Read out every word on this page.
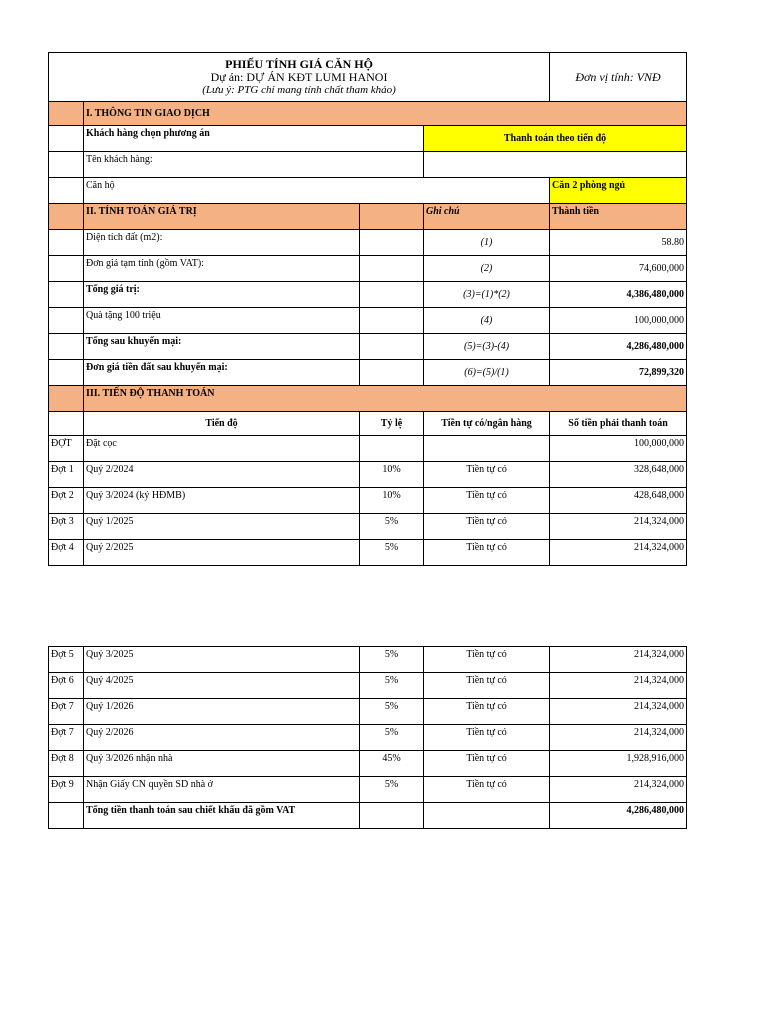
PHIẾU TÍNH GIÁ CĂN HỘ
Dự án: DỰ ÁN KĐT LUMI HANOI
(Lưu ý: PTG chỉ mang tính chất tham khảo)				Đơn vị tính: VNĐ
	I. THÔNG TIN GIAO DỊCH			
	Khách hàng chọn phương án		Thanh toán theo tiến độ	
	Tên khách hàng:			
	Căn hộ			Căn 2 phòng ngủ
	II. TÍNH TOÁN GIÁ TRỊ		Ghi chú	Thành tiền
	Diện tích đất (m2):		(1)	58.80
	Đơn giá tạm tính (gồm VAT):		(2)	74,600,000
	Tổng giá trị:		(3)=(1)*(2)	4,386,480,000
	Quà tặng 100 triệu		(4)	100,000,000
	Tổng sau khuyến mại:		(5)=(3)-(4)	4,286,480,000
	Đơn giá tiền đất sau khuyến mại:		(6)=(5)/(1)	72,899,320
	III. TIẾN ĐỘ THANH TOÁN			
	Tiến độ	Tỷ lệ	Tiền tự có/ngân hàng	Số tiền phải thanh toán
ĐỢT	Đặt cọc			100,000,000
Đợt 1	Quý 2/2024	10%	Tiền tự có	328,648,000
Đợt 2	Quý 3/2024 (ký HĐMB)	10%	Tiền tự có	428,648,000
Đợt 3	Quý 1/2025	5%	Tiền tự có	214,324,000
Đợt 4	Quý 2/2025	5%	Tiền tự có	214,324,000
Đợt 5	Quý 3/2025	5%	Tiền tự có	214,324,000
Đợt 6	Quý 4/2025	5%	Tiền tự có	214,324,000
Đợt 7	Quý 1/2026	5%	Tiền tự có	214,324,000
Đợt 7	Quý 2/2026	5%	Tiền tự có	214,324,000
Đợt 8	Quý 3/2026 nhận nhà	45%	Tiền tự có	1,928,916,000
Đợt 9	Nhận Giấy CN quyền SD nhà ở	5%	Tiền tự có	214,324,000
	Tổng tiền thanh toán sau chiết khấu đã gồm VAT			4,286,480,000
